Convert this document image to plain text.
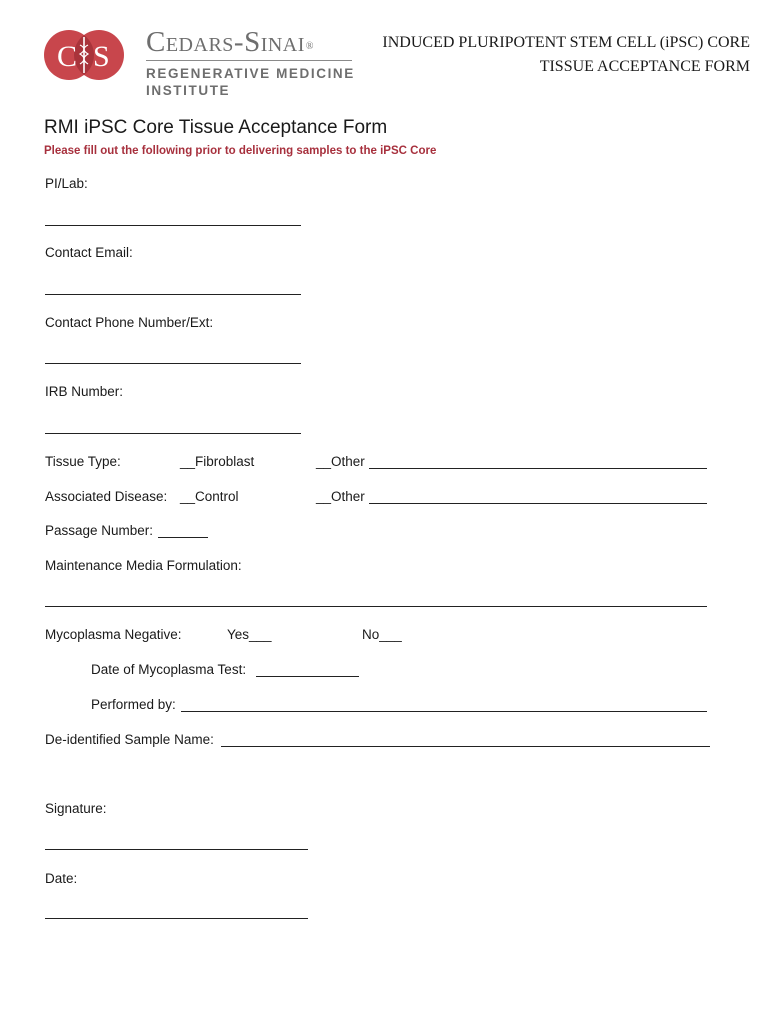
C S Cedars-Sinai®
REGENERATIVE MEDICINE
INSTITUTE
INDUCED PLURIPOTENT STEM CELL (iPSC) CORE
TISSUE ACCEPTANCE FORM
RMI iPSC Core Tissue Acceptance Form
Please fill out the following prior to delivering samples to the iPSC Core
PI/Lab:
Contact Email:
Contact Phone Number/Ext:
IRB Number:
Tissue Type:	__Fibroblast	__Other
Associated Disease: __Control	__Other
Passage Number:
Maintenance Media Formulation:
Mycoplasma Negative:	Yes___	No___
Date of Mycoplasma Test:
Performed by:
De-identified Sample Name:
Signature:
Date:
